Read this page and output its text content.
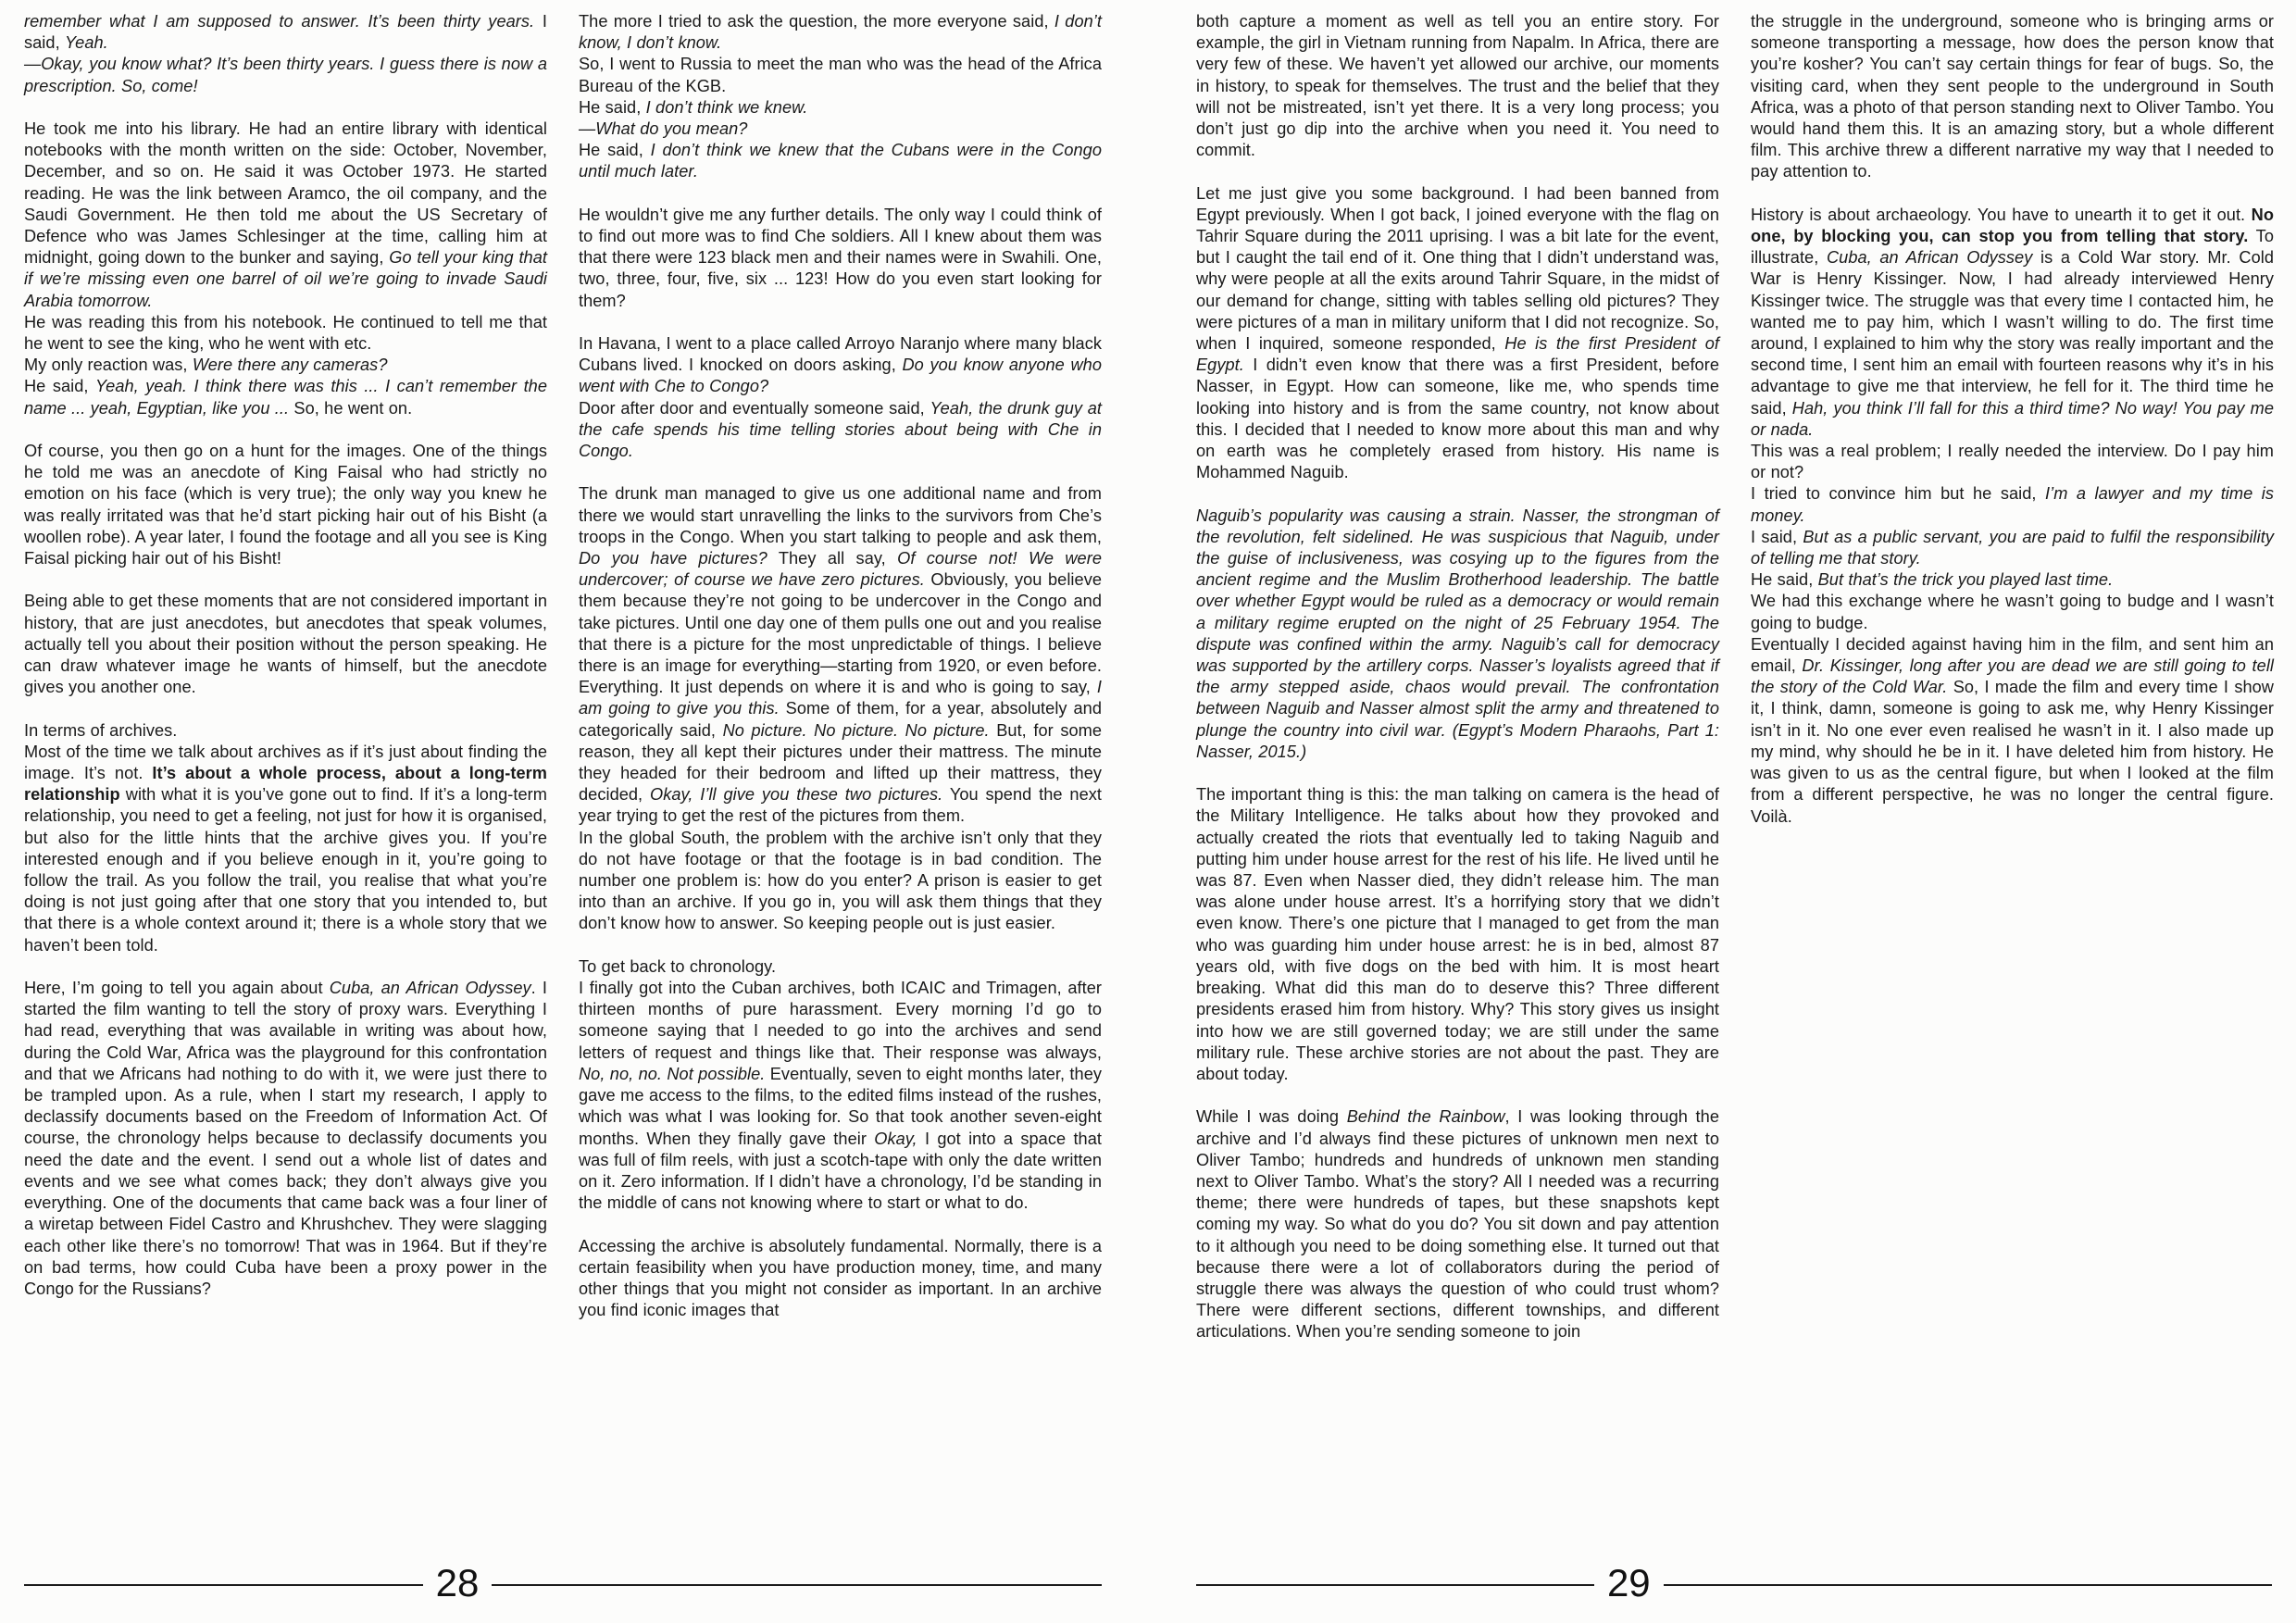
remember what I am supposed to answer. It’s been thirty years. I said, Yeah.

—Okay, you know what? It’s been thirty years. I guess there is now a prescription. So, come!

He took me into his library. He had an entire library with identical notebooks with the month written on the side: October, November, December, and so on. He said it was October 1973. He started reading. He was the link between Aramco, the oil company, and the Saudi Government. He then told me about the US Secretary of Defence who was James Schlesinger at the time, calling him at midnight, going down to the bunker and saying, Go tell your king that if we’re missing even one barrel of oil we’re going to invade Saudi Arabia tomorrow.

He was reading this from his notebook. He continued to tell me that he went to see the king, who he went with etc.

My only reaction was, Were there any cameras?

He said, Yeah, yeah. I think there was this ... I can’t remember the name ... yeah, Egyptian, like you ... So, he went on.

Of course, you then go on a hunt for the images. One of the things he told me was an anecdote of King Faisal who had strictly no emotion on his face (which is very true); the only way you knew he was really irritated was that he’d start picking hair out of his Bisht (a woollen robe). A year later, I found the footage and all you see is King Faisal picking hair out of his Bisht!

Being able to get these moments that are not considered important in history, that are just anecdotes, but anecdotes that speak volumes, actually tell you about their position without the person speaking. He can draw whatever image he wants of himself, but the anecdote gives you another one.

In terms of archives.

Most of the time we talk about archives as if it’s just about finding the image. It’s not. It’s about a whole process, about a long-term relationship with what it is you’ve gone out to find. If it’s a long-term relationship, you need to get a feeling, not just for how it is organised, but also for the little hints that the archive gives you. If you’re interested enough and if you believe enough in it, you’re going to follow the trail. As you follow the trail, you realise that what you’re doing is not just going after that one story that you intended to, but that there is a whole context around it; there is a whole story that we haven’t been told.

Here, I’m going to tell you again about Cuba, an African Odyssey. I started the film wanting to tell the story of proxy wars. Everything I had read, everything that was available in writing was about how, during the Cold War, Africa was the playground for this confrontation and that we Africans had nothing to do with it, we were just there to be trampled upon. As a rule, when I start my research, I apply to declassify documents based on the Freedom of Information Act. Of course, the chronology helps because to declassify documents you need the date and the event. I send out a whole list of dates and events and we see what comes back; they don’t always give you everything. One of the documents that came back was a four liner of a wiretap between Fidel Castro and Khrushchev. They were slagging each other like there’s no tomorrow! That was in 1964. But if they’re on bad terms, how could Cuba have been a proxy power in the Congo for the Russians?

The more I tried to ask the question, the more everyone said, I don’t know, I don’t know.

So, I went to Russia to meet the man who was the head of the Africa Bureau of the KGB.

He said, I don’t think we knew.

—What do you mean?

He said, I don’t think we knew that the Cubans were in the Congo until much later.

He wouldn’t give me any further details. The only way I could think of to find out more was to find Che soldiers. All I knew about them was that there were 123 black men and their names were in Swahili. One, two, three, four, five, six ... 123! How do you even start looking for them?

In Havana, I went to a place called Arroyo Naranjo where many black Cubans lived. I knocked on doors asking, Do you know anyone who went with Che to Congo?

Door after door and eventually someone said, Yeah, the drunk guy at the cafe spends his time telling stories about being with Che in Congo.

The drunk man managed to give us one additional name and from there we would start unravelling the links to the survivors from Che’s troops in the Congo. When you start talking to people and ask them, Do you have pictures? They all say, Of course not! We were undercover; of course we have zero pictures. Obviously, you believe them because they’re not going to be undercover in the Congo and take pictures. Until one day one of them pulls one out and you realise that there is a picture for the most unpredictable of things. I believe there is an image for everything—starting from 1920, or even before. Everything. It just depends on where it is and who is going to say, I am going to give you this. Some of them, for a year, absolutely and categorically said, No picture. No picture. No picture. But, for some reason, they all kept their pictures under their mattress. The minute they headed for their bedroom and lifted up their mattress, they decided, Okay, I’ll give you these two pictures. You spend the next year trying to get the rest of the pictures from them.

In the global South, the problem with the archive isn’t only that they do not have footage or that the footage is in bad condition. The number one problem is: how do you enter? A prison is easier to get into than an archive. If you go in, you will ask them things that they don’t know how to answer. So keeping people out is just easier.

To get back to chronology.

I finally got into the Cuban archives, both ICAIC and Trimagen, after thirteen months of pure harassment. Every morning I’d go to someone saying that I needed to go into the archives and send letters of request and things like that. Their response was always, No, no, no. Not possible. Eventually, seven to eight months later, they gave me access to the films, to the edited films instead of the rushes, which was what I was looking for. So that took another seven-eight months. When they finally gave their Okay, I got into a space that was full of film reels, with just a scotch-tape with only the date written on it. Zero information. If I didn’t have a chronology, I’d be standing in the middle of cans not knowing where to start or what to do.

Accessing the archive is absolutely fundamental. Normally, there is a certain feasibility when you have production money, time, and many other things that you might not consider as important. In an archive you find iconic images that

28

both capture a moment as well as tell you an entire story. For example, the girl in Vietnam running from Napalm. In Africa, there are very few of these. We haven’t yet allowed our archive, our moments in history, to speak for themselves. The trust and the belief that they will not be mistreated, isn’t yet there. It is a very long process; you don’t just go dip into the archive when you need it. You need to commit.

Let me just give you some background. I had been banned from Egypt previously. When I got back, I joined everyone with the flag on Tahrir Square during the 2011 uprising. I was a bit late for the event, but I caught the tail end of it. One thing that I didn’t understand was, why were people at all the exits around Tahrir Square, in the midst of our demand for change, sitting with tables selling old pictures? They were pictures of a man in military uniform that I did not recognize. So, when I inquired, someone responded, He is the first President of Egypt. I didn’t even know that there was a first President, before Nasser, in Egypt. How can someone, like me, who spends time looking into history and is from the same country, not know about this. I decided that I needed to know more about this man and why on earth was he completely erased from history. His name is Mohammed Naguib.

Naguib’s popularity was causing a strain. Nasser, the strongman of the revolution, felt sidelined. He was suspicious that Naguib, under the guise of inclusiveness, was cosying up to the figures from the ancient regime and the Muslim Brotherhood leadership. The battle over whether Egypt would be ruled as a democracy or would remain a military regime erupted on the night of 25 February 1954. The dispute was confined within the army. Naguib’s call for democracy was supported by the artillery corps. Nasser’s loyalists agreed that if the army stepped aside, chaos would prevail. The confrontation between Naguib and Nasser almost split the army and threatened to plunge the country into civil war. (Egypt’s Modern Pharaohs, Part 1: Nasser, 2015.)

The important thing is this: the man talking on camera is the head of the Military Intelligence. He talks about how they provoked and actually created the riots that eventually led to taking Naguib and putting him under house arrest for the rest of his life. He lived until he was 87. Even when Nasser died, they didn’t release him. The man was alone under house arrest. It’s a horrifying story that we didn’t even know. There’s one picture that I managed to get from the man who was guarding him under house arrest: he is in bed, almost 87 years old, with five dogs on the bed with him. It is most heart breaking. What did this man do to deserve this? Three different presidents erased him from history. Why? This story gives us insight into how we are still governed today; we are still under the same military rule. These archive stories are not about the past. They are about today.

While I was doing Behind the Rainbow, I was looking through the archive and I’d always find these pictures of unknown men next to Oliver Tambo; hundreds and hundreds of unknown men standing next to Oliver Tambo. What’s the story? All I needed was a recurring theme; there were hundreds of tapes, but these snapshots kept coming my way. So what do you do? You sit down and pay attention to it although you need to be doing something else. It turned out that because there were a lot of collaborators during the period of struggle there was always the question of who could trust whom? There were different sections, different townships, and different articulations. When you’re sending someone to join

the struggle in the underground, someone who is bringing arms or someone transporting a message, how does the person know that you’re kosher? You can’t say certain things for fear of bugs. So, the visiting card, when they sent people to the underground in South Africa, was a photo of that person standing next to Oliver Tambo. You would hand them this. It is an amazing story, but a whole different film. This archive threw a different narrative my way that I needed to pay attention to.

History is about archaeology. You have to unearth it to get it out. No one, by blocking you, can stop you from telling that story. To illustrate, Cuba, an African Odyssey is a Cold War story. Mr. Cold War is Henry Kissinger. Now, I had already interviewed Henry Kissinger twice. The struggle was that every time I contacted him, he wanted me to pay him, which I wasn’t willing to do. The first time around, I explained to him why the story was really important and the second time, I sent him an email with fourteen reasons why it’s in his advantage to give me that interview, he fell for it. The third time he said, Hah, you think I’ll fall for this a third time? No way! You pay me or nada.

This was a real problem; I really needed the interview. Do I pay him or not?

I tried to convince him but he said, I’m a lawyer and my time is money.

I said, But as a public servant, you are paid to fulfil the responsibility of telling me that story.

He said, But that’s the trick you played last time.

We had this exchange where he wasn’t going to budge and I wasn’t going to budge.

Eventually I decided against having him in the film, and sent him an email, Dr. Kissinger, long after you are dead we are still going to tell the story of the Cold War. So, I made the film and every time I show it, I think, damn, someone is going to ask me, why Henry Kissinger isn’t in it. No one ever even realised he wasn’t in it. I also made up my mind, why should he be in it. I have deleted him from history. He was given to us as the central figure, but when I looked at the film from a different perspective, he was no longer the central figure. Voilà.

29
